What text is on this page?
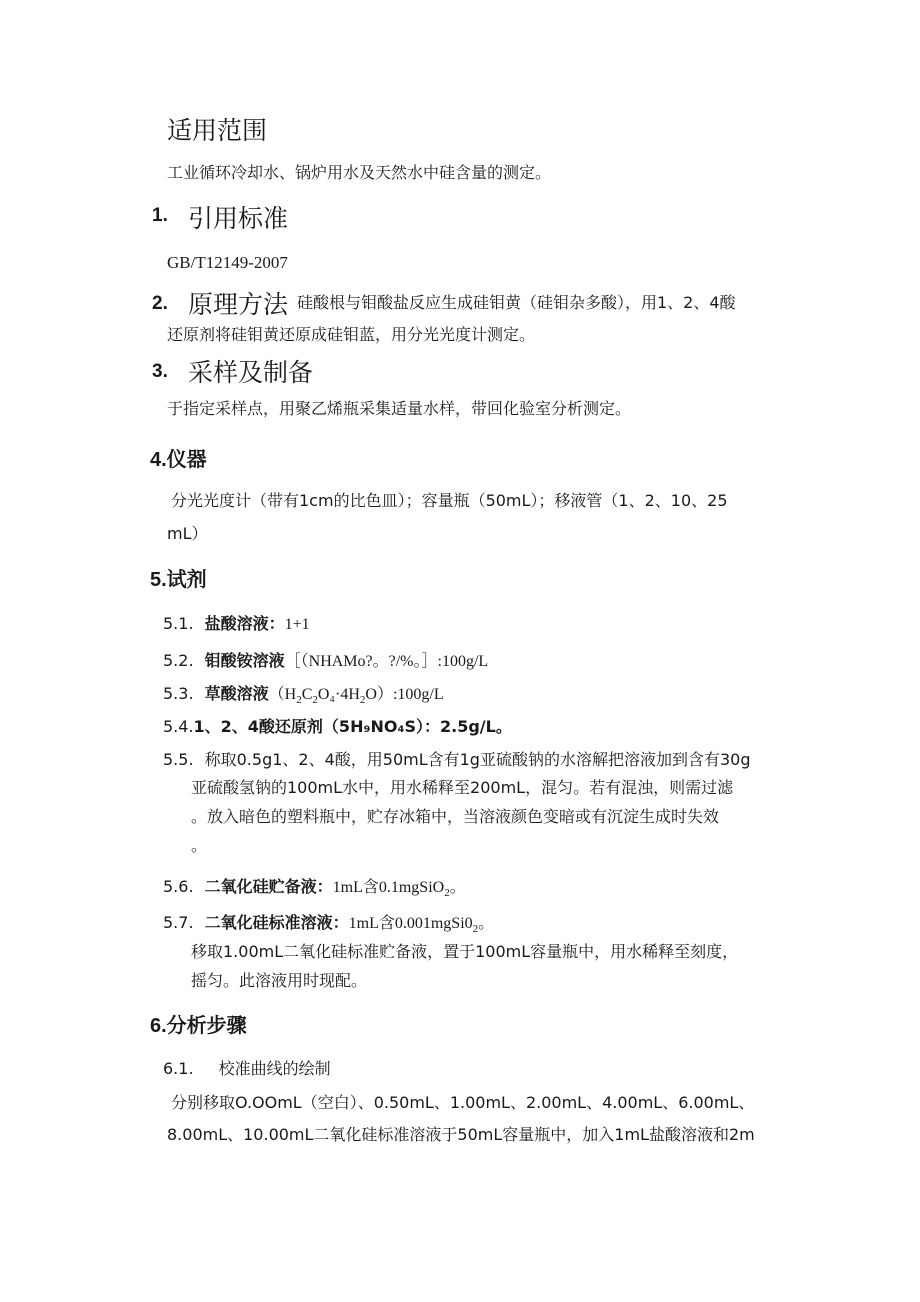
适用范围
工业循环冷却水、锅炉用水及天然水中硅含量的测定。
1. 引用标准
GB/T12149-2007
2. 原理方法 硅酸根与钼酸盐反应生成硅钼黄（硅钼杂多酸），用1、2、4酸
还原剂将硅钼黄还原成硅钼蓝，用分光光度计测定。
3. 采样及制备
于指定采样点，用聚乙烯瓶采集适量水样，带回化验室分析测定。
4.仪器
分光光度计（带有1cm的比色皿）；容量瓶（50mL）；移液管（1、2、10、25
mL）
5.试剂
5.1. 盐酸溶液：1+1
5.2. 钼酸铵溶液［（NHAMo?。?/%。］:100g/L
5.3. 草酸溶液$(H_2C_2O_4\cdot 4H_2O):100g/L$
5.4.1、2、4酸还原剂（5H₉NO₄S）：2.5g/L。
5.5. 称取0.5g1、2、4酸，用50mL含有1g亚硫酸钠的水溶解把溶液加到含有30g
亚硫酸氢钠的100mL水中，用水稀释至200mL，混匀。若有混浊，则需过滤
。放入暗色的塑料瓶中，贮存冰箱中，当溶液颜色变暗或有沉淀生成时失效
。
5.6. 二氧化硅贮备液：1mL含0.1mgSiO$_2$。
5.7. 二氧化硅标准溶液：1mL含$0.001mgSi0_2$。
移取1.00mL二氧化硅标准贮备液，置于100mL容量瓶中，用水稀释至刻度，
摇匀。此溶液用时现配。
6.分析步骤
6.1. 校准曲线的绘制
分别移取O.OOmL（空白）、0.50mL、1.00mL、2.00mL、4.00mL、6.00mL、
8.00mL、10.00mL二氧化硅标准溶液于50mL容量瓶中，加入1mL盐酸溶液和2m
